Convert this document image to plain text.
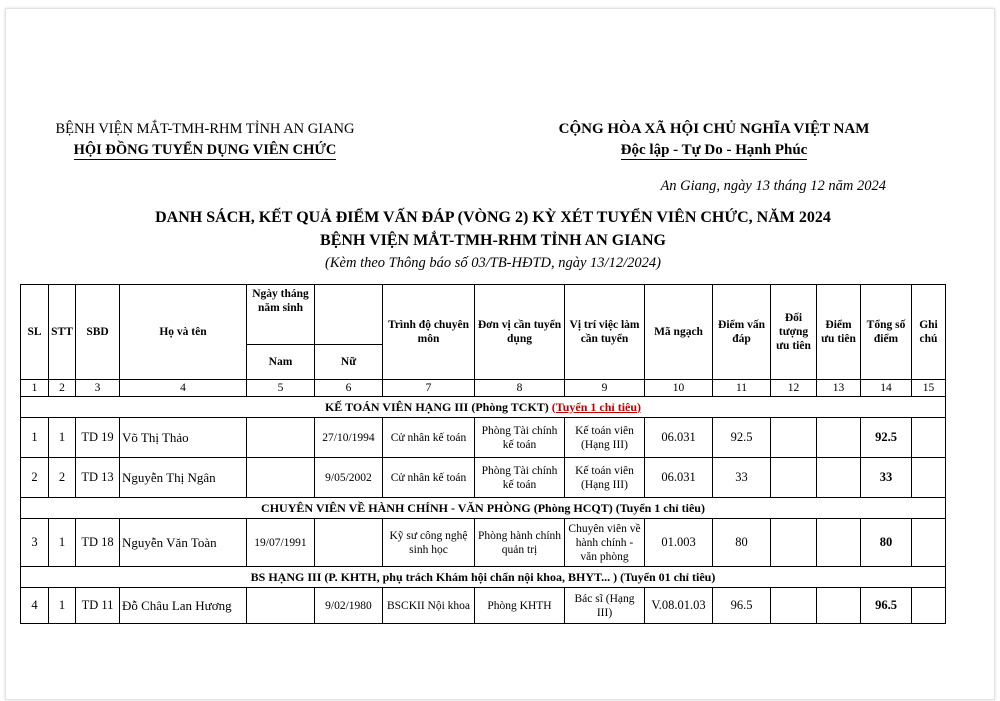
BỆNH VIỆN MẮT-TMH-RHM TỈNH AN GIANG
HỘI ĐỒNG TUYỂN DỤNG VIÊN CHỨC
CỘNG HÒA XÃ HỘI CHỦ NGHĨA VIỆT NAM
Độc lập - Tự Do - Hạnh Phúc
An Giang, ngày 13 tháng 12 năm 2024
DANH SÁCH, KẾT QUẢ ĐIỂM VẤN ĐÁP (VÒNG 2) KỲ XÉT TUYỂN VIÊN CHỨC, NĂM 2024
BỆNH VIỆN MẮT-TMH-RHM TỈNH AN GIANG
(Kèm theo Thông báo số 03/TB-HĐTD, ngày 13/12/2024)
SL	STT	SBD	Họ và tên	Ngày tháng năm sinh		Trình độ chuyên môn	Đơn vị cần tuyển dụng	Vị trí việc làm cần tuyển	Mã ngạch	Điểm vấn đáp	Đối tượng ưu tiên	Điểm ưu tiên	Tổng số điểm	Ghi chú
				Nam	Nữ									
1	2	3	4	5	6	7	8	9	10	11	12	13	14	15
KẾ TOÁN VIÊN HẠNG III (Phòng TCKT) (Tuyển 1 chỉ tiêu)														
1	1	TD 19	Võ Thị Thảo		27/10/1994	Cử nhân kế toán	Phòng Tài chính kế toán	Kế toán viên (Hạng III)	06.031	92.5			92.5	
2	2	TD 13	Nguyễn Thị Ngân		9/05/2002	Cử nhân kế toán	Phòng Tài chính kế toán	Kế toán viên (Hạng III)	06.031	33			33	
CHUYÊN VIÊN VỀ HÀNH CHÍNH - VĂN PHÒNG (Phòng HCQT) (Tuyển 1 chỉ tiêu)														
3	1	TD 18	Nguyễn Văn Toàn	19/07/1991		Kỹ sư công nghệ sinh học	Phòng hành chính quản trị	Chuyên viên về hành chính - văn phòng	01.003	80			80	
BS HẠNG III (P. KHTH, phụ trách Khám hội chẩn nội khoa, BHYT... ) (Tuyển 01 chỉ tiêu)														
4	1	TD 11	Đỗ Châu Lan Hương		9/02/1980	BSCKII Nội khoa	Phòng KHTH	Bác sĩ (Hạng III)	V.08.01.03	96.5			96.5	
